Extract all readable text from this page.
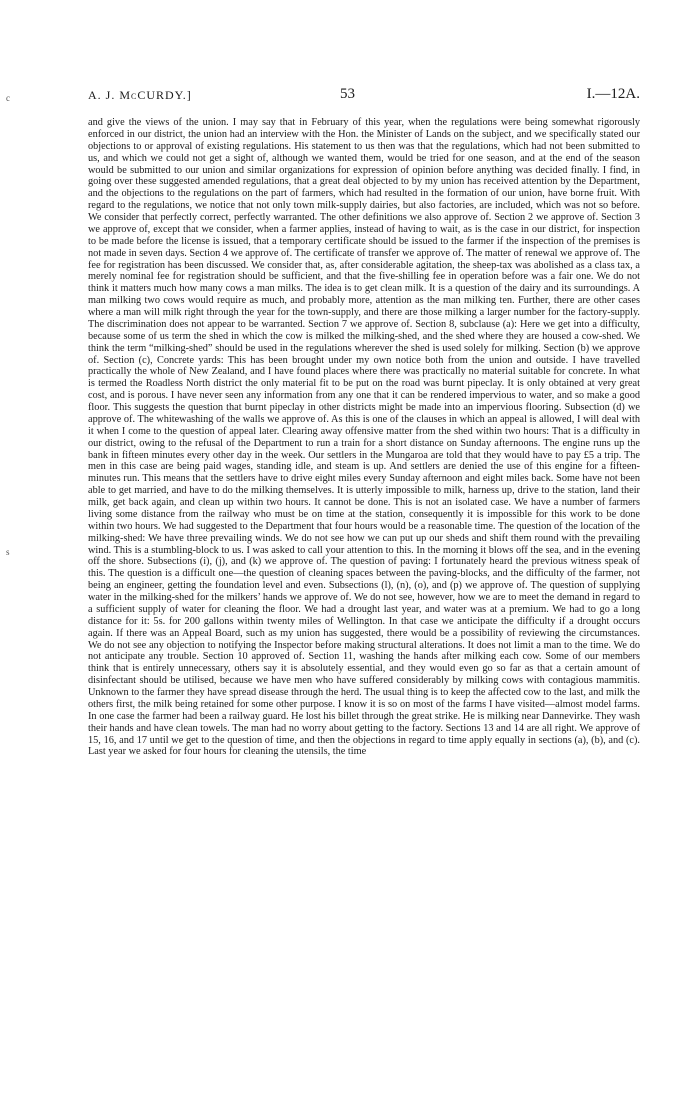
c
s
A. J. McCURDY.]	53	I.—12A.

and give the views of the union. I may say that in February of this year, when the regulations were being somewhat rigorously enforced in our district, the union had an interview with the Hon. the Minister of Lands on the subject, and we specifically stated our objections to or approval of existing regulations. His statement to us then was that the regulations, which had not been submitted to us, and which we could not get a sight of, although we wanted them, would be tried for one season, and at the end of the season would be submitted to our union and similar organizations for expression of opinion before anything was decided finally. I find, in going over these suggested amended regulations, that a great deal objected to by my union has received attention by the Department, and the objections to the regulations on the part of farmers, which had resulted in the formation of our union, have borne fruit. With regard to the regulations, we notice that not only town milk-supply dairies, but also factories, are included, which was not so before. We consider that perfectly correct, perfectly warranted. The other definitions we also approve of. Section 2 we approve of. Section 3 we approve of, except that we consider, when a farmer applies, instead of having to wait, as is the case in our district, for inspection to be made before the license is issued, that a temporary certificate should be issued to the farmer if the inspection of the premises is not made in seven days. Section 4 we approve of. The certificate of transfer we approve of. The matter of renewal we approve of. The fee for registration has been discussed. We consider that, as, after considerable agitation, the sheep-tax was abolished as a class tax, a merely nominal fee for registration should be sufficient, and that the five-shilling fee in operation before was a fair one. We do not think it matters much how many cows a man milks. The idea is to get clean milk. It is a question of the dairy and its surroundings. A man milking two cows would require as much, and probably more, attention as the man milking ten. Further, there are other cases where a man will milk right through the year for the town-supply, and there are those milking a larger number for the factory-supply. The discrimination does not appear to be warranted. Section 7 we approve of. Section 8, subclause (a): Here we get into a difficulty, because some of us term the shed in which the cow is milked the milking-shed, and the shed where they are housed a cow-shed. We think the term “milking-shed” should be used in the regulations wherever the shed is used solely for milking. Section (b) we approve of. Section (c), Concrete yards: This has been brought under my own notice both from the union and outside. I have travelled practically the whole of New Zealand, and I have found places where there was practically no material suitable for concrete. In what is termed the Roadless North district the only material fit to be put on the road was burnt pipeclay. It is only obtained at very great cost, and is porous. I have never seen any information from any one that it can be rendered impervious to water, and so make a good floor. This suggests the question that burnt pipeclay in other districts might be made into an impervious flooring. Subsection (d) we approve of. The whitewashing of the walls we approve of. As this is one of the clauses in which an appeal is allowed, I will deal with it when I come to the question of appeal later. Clearing away offensive matter from the shed within two hours: That is a difficulty in our district, owing to the refusal of the Department to run a train for a short distance on Sunday afternoons. The engine runs up the bank in fifteen minutes every other day in the week. Our settlers in the Mungaroa are told that they would have to pay £5 a trip. The men in this case are being paid wages, standing idle, and steam is up. And settlers are denied the use of this engine for a fifteen-minutes run. This means that the settlers have to drive eight miles every Sunday afternoon and eight miles back. Some have not been able to get married, and have to do the milking themselves. It is utterly impossible to milk, harness up, drive to the station, land their milk, get back again, and clean up within two hours. It cannot be done. This is not an isolated case. We have a number of farmers living some distance from the railway who must be on time at the station, consequently it is impossible for this work to be done within two hours. We had suggested to the Department that four hours would be a reasonable time. The question of the location of the milking-shed: We have three prevailing winds. We do not see how we can put up our sheds and shift them round with the prevailing wind. This is a stumbling-block to us. I was asked to call your attention to this. In the morning it blows off the sea, and in the evening off the shore. Subsections (i), (j), and (k) we approve of. The question of paving: I fortunately heard the previous witness speak of this. The question is a difficult one—the question of cleaning spaces between the paving-blocks, and the difficulty of the farmer, not being an engineer, getting the foundation level and even. Subsections (l), (n), (o), and (p) we approve of. The question of supplying water in the milking-shed for the milkers’ hands we approve of. We do not see, however, how we are to meet the demand in regard to a sufficient supply of water for cleaning the floor. We had a drought last year, and water was at a premium. We had to go a long distance for it: 5s. for 200 gallons within twenty miles of Wellington. In that case we anticipate the difficulty if a drought occurs again. If there was an Appeal Board, such as my union has suggested, there would be a possibility of reviewing the circumstances. We do not see any objection to notifying the Inspector before making structural alterations. It does not limit a man to the time. We do not anticipate any trouble. Section 10 approved of. Section 11, washing the hands after milking each cow. Some of our members think that is entirely unnecessary, others say it is absolutely essential, and they would even go so far as that a certain amount of disinfectant should be utilised, because we have men who have suffered considerably by milking cows with contagious mammitis. Unknown to the farmer they have spread disease through the herd. The usual thing is to keep the affected cow to the last, and milk the others first, the milk being retained for some other purpose. I know it is so on most of the farms I have visited—almost model farms. In one case the farmer had been a railway guard. He lost his billet through the great strike. He is milking near Dannevirke. They wash their hands and have clean towels. The man had no worry about getting to the factory. Sections 13 and 14 are all right. We approve of 15, 16, and 17 until we get to the question of time, and then the objections in regard to time apply equally in sections (a), (b), and (c). Last year we asked for four hours for cleaning the utensils, the time
